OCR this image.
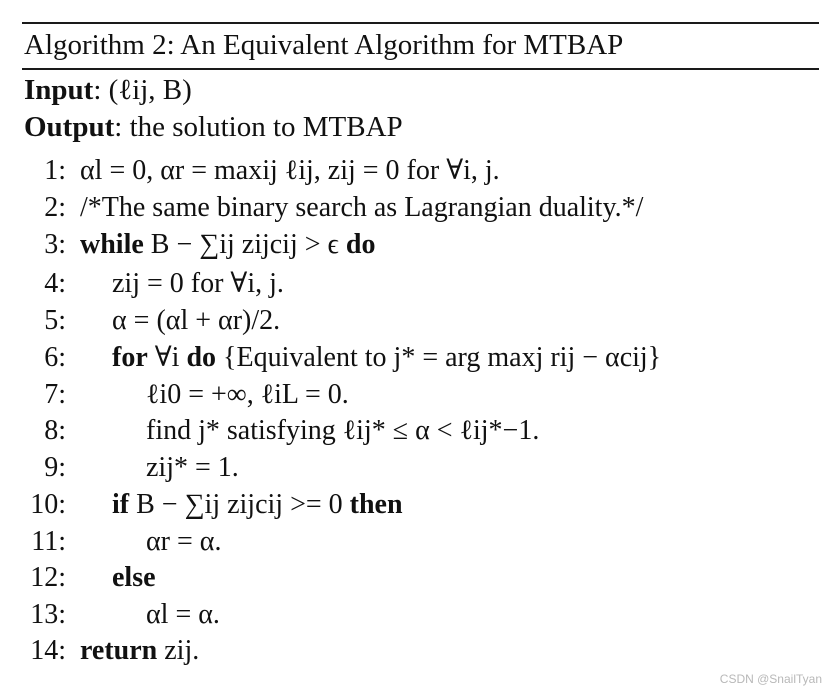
Algorithm 2: An Equivalent Algorithm for MTBAP
Input: (ℓij, B)
Output: the solution to MTBAP
1: αl = 0, αr = maxij ℓij, zij = 0 for ∀i, j.
2: /*The same binary search as Lagrangian duality.*/
3: while B − ∑ij zijcij > ϵ do
4: zij = 0 for ∀i, j.
5: α = (αl + αr)/2.
6: for ∀i do {Equivalent to j* = arg maxj rij − αcij}
7:	ℓi0 = +∞, ℓiL = 0.
8:	find j* satisfying ℓij* ≤ α < ℓij*−1.
9:	zij* = 1.
10: if B − ∑ij zijcij >= 0 then
11:	αr = α.
12: else
13:	αl = α.
14: return zij.
CSDN @SnailTyan
